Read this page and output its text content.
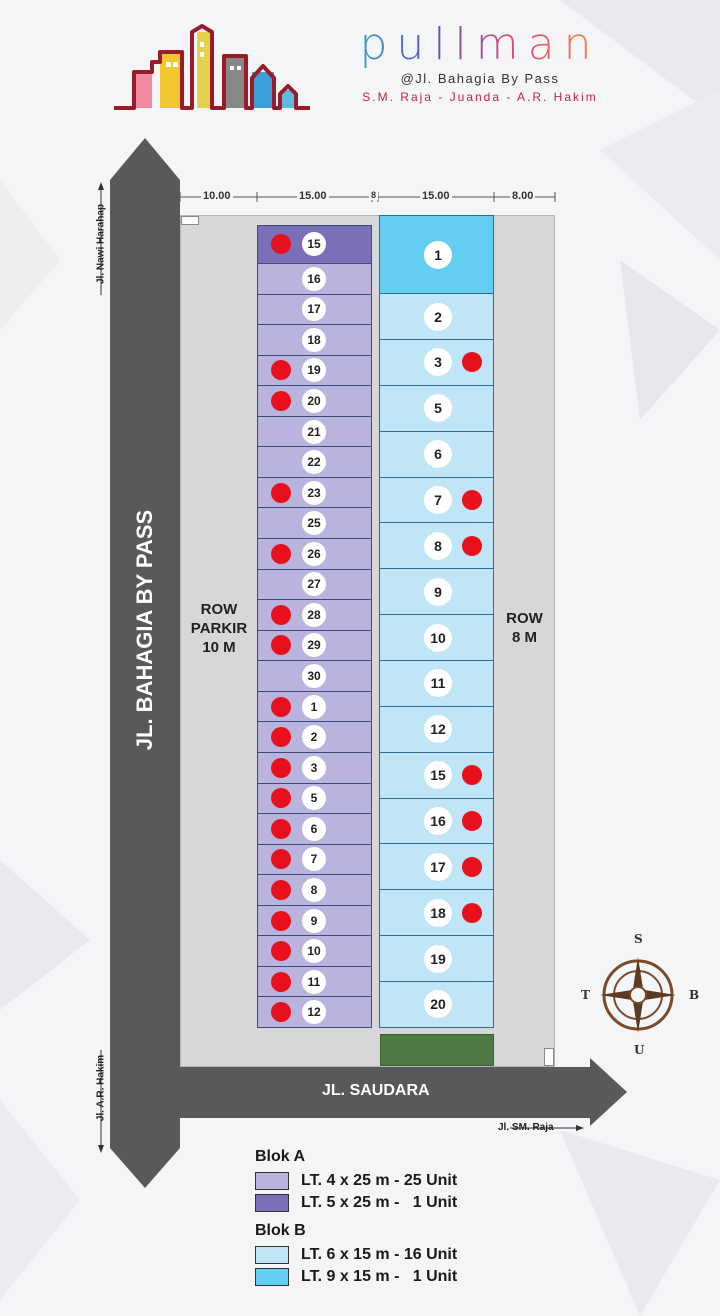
pullman
@Jl. Bahagia By Pass
S.M. Raja - Juanda - A.R. Hakim
JL. BAHAGIA BY PASS
JL. SAUDARA
Jl. Nawi Harahap
Jl. A.R. Hakim
Jl. SM. Raja
10.00	15.00	8	15.00	8.00
15
16
17
18
19
20
21
22
23
25
26
27
28
29
30
1
2
3
5
6
7
8
9
10
11
12
1
2
3
5
6
7
8
9
10
11
12
15
16
17
18
19
20
ROW
PARKIR
10 M
ROW
8 M
S
U
T	B
Blok A
LT. 4 x 25 m - 25 Unit
LT. 5 x 25 m -   1 Unit
Blok B
LT. 6 x 15 m - 16 Unit
LT. 9 x 15 m -   1 Unit
